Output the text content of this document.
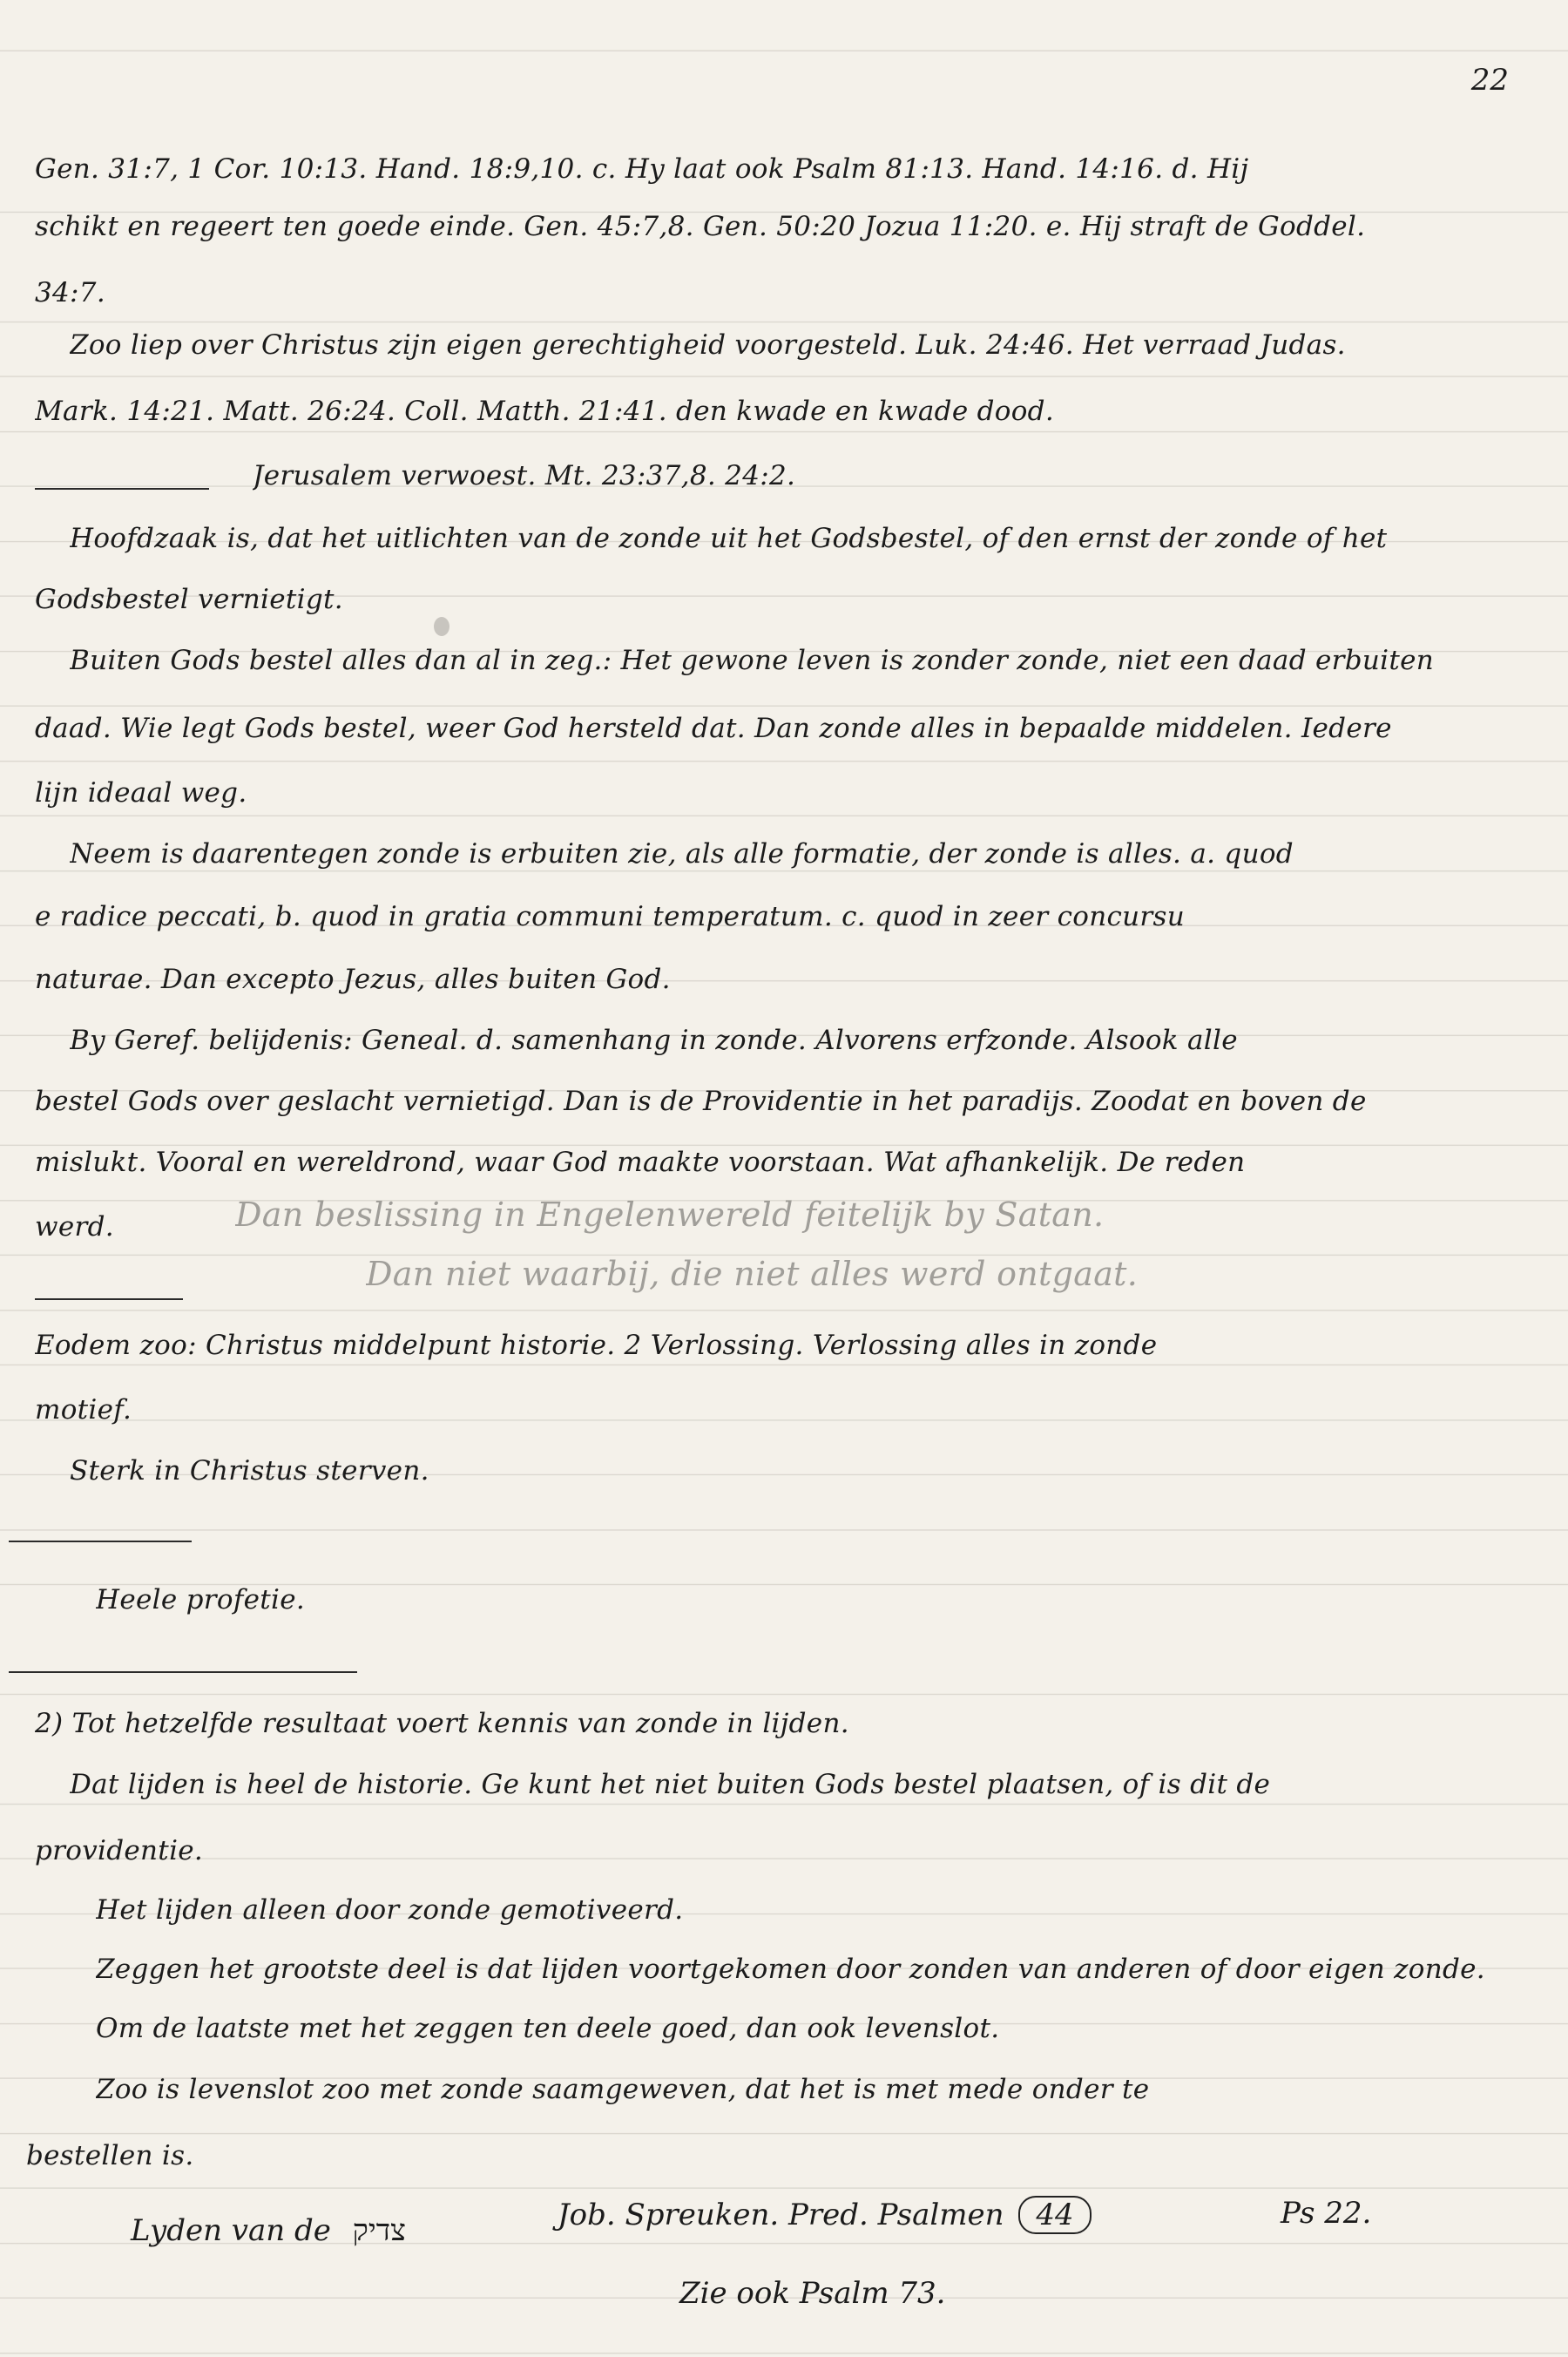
22
Gen. 31:7, 1 Cor. 10:13. Hand. 18:9,10. c. Hy laat ook Psalm 81:13. Hand. 14:16. d. Hij
schikt en regeert ten goede einde. Gen. 45:7,8. Gen. 50:20 Jozua 11:20. e. Hij straft de Goddel.
34:7.
Zoo liep over Christus zijn eigen gerechtigheid voorgesteld. Luk. 24:46. Het verraad Judas.
Mark. 14:21. Matt. 26:24. Coll. Matth. 21:41. den kwade en kwade dood.
Jerusalem verwoest. Mt. 23:37,8. 24:2.
Hoofdzaak is, dat het uitlichten van de zonde uit het Godsbestel, of den ernst der zonde of het
Godsbestel vernietigt.
Buiten Gods bestel alles dan al in zeg.: Het gewone leven is zonder zonde, niet een daad erbuiten
daad. Wie legt Gods bestel, weer God hersteld dat. Dan zonde alles in bepaalde middelen. Iedere
lijn ideaal weg.
Neem is daarentegen zonde is erbuiten zie, als alle formatie, der zonde is alles. a. quod
e radice peccati, b. quod in gratia communi temperatum. c. quod in zeer concursu
naturae. Dan excepto Jezus, alles buiten God.
By Geref. belijdenis: Geneal. d. samenhang in zonde. Alvorens erfzonde. Alsook alle
bestel Gods over geslacht vernietigd. Dan is de Providentie in het paradijs. Zoodat en boven de
mislukt. Vooral en wereldrond, waar God maakte voorstaan. Wat afhankelijk. De reden
werd.	Dan beslissing in Engelenwereld feitelijk by Satan.
Dan niet waarbij, die niet alles werd ontgaat.
Eodem zoo: Christus middelpunt historie. 2 Verlossing. Verlossing alles in zonde
motief.
Sterk in Christus sterven.
Heele profetie.
2) Tot hetzelfde resultaat voert kennis van zonde in lijden.
Dat lijden is heel de historie. Ge kunt het niet buiten Gods bestel plaatsen, of is dit de
providentie.
Het lijden alleen door zonde gemotiveerd.
Zeggen het grootste deel is dat lijden voortgekomen door zonden van anderen of door eigen zonde.
Om de laatste met het zeggen ten deele goed, dan ook levenslot.
Zoo is levenslot zoo met zonde saamgeweven, dat het is met mede onder te
bestellen is.
Lyden van de צדיק	Job. Spreuken. Pred. Psalmen 44	Ps 22.
Zie ook Psalm 73.
